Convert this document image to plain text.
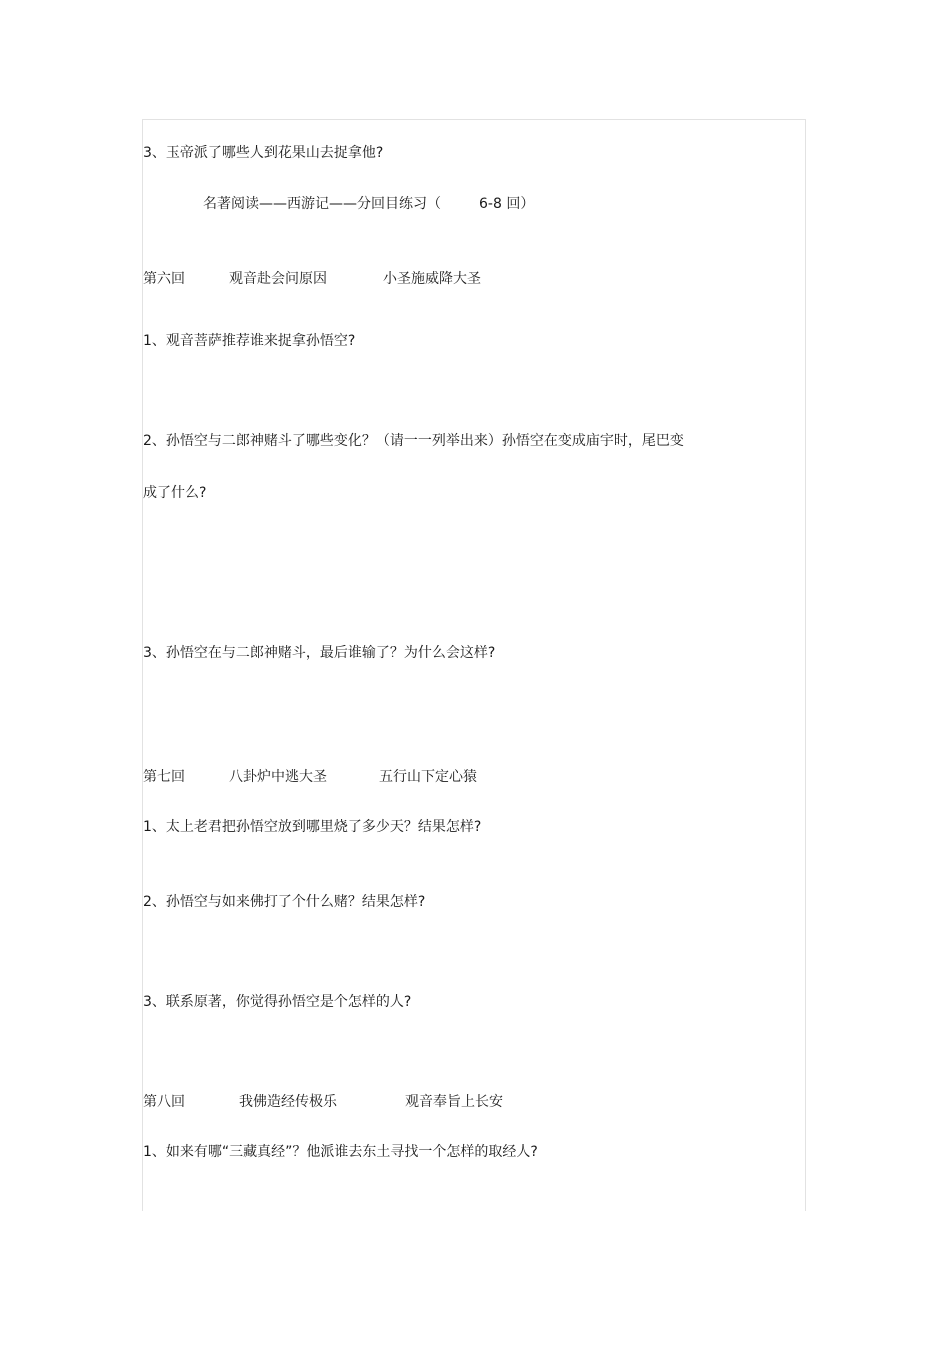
3、玉帝派了哪些人到花果山去捉拿他?

名著阅读——西游记——分回目练习（	6-8 回）

第六回	观音赴会问原因	小圣施威降大圣

1、观音菩萨推荐谁来捉拿孙悟空?

2、孙悟空与二郎神赌斗了哪些变化？（请一一列举出来）孙悟空在变成庙宇时，尾巴变

成了什么?

3、孙悟空在与二郎神赌斗，最后谁输了？为什么会这样?

第七回	八卦炉中逃大圣	五行山下定心猿

1、太上老君把孙悟空放到哪里烧了多少天？结果怎样?

2、孙悟空与如来佛打了个什么赌？结果怎样?

3、联系原著，你觉得孙悟空是个怎样的人?

第八回	我佛造经传极乐	观音奉旨上长安

1、如来有哪“三藏真经”？他派谁去东土寻找一个怎样的取经人?
